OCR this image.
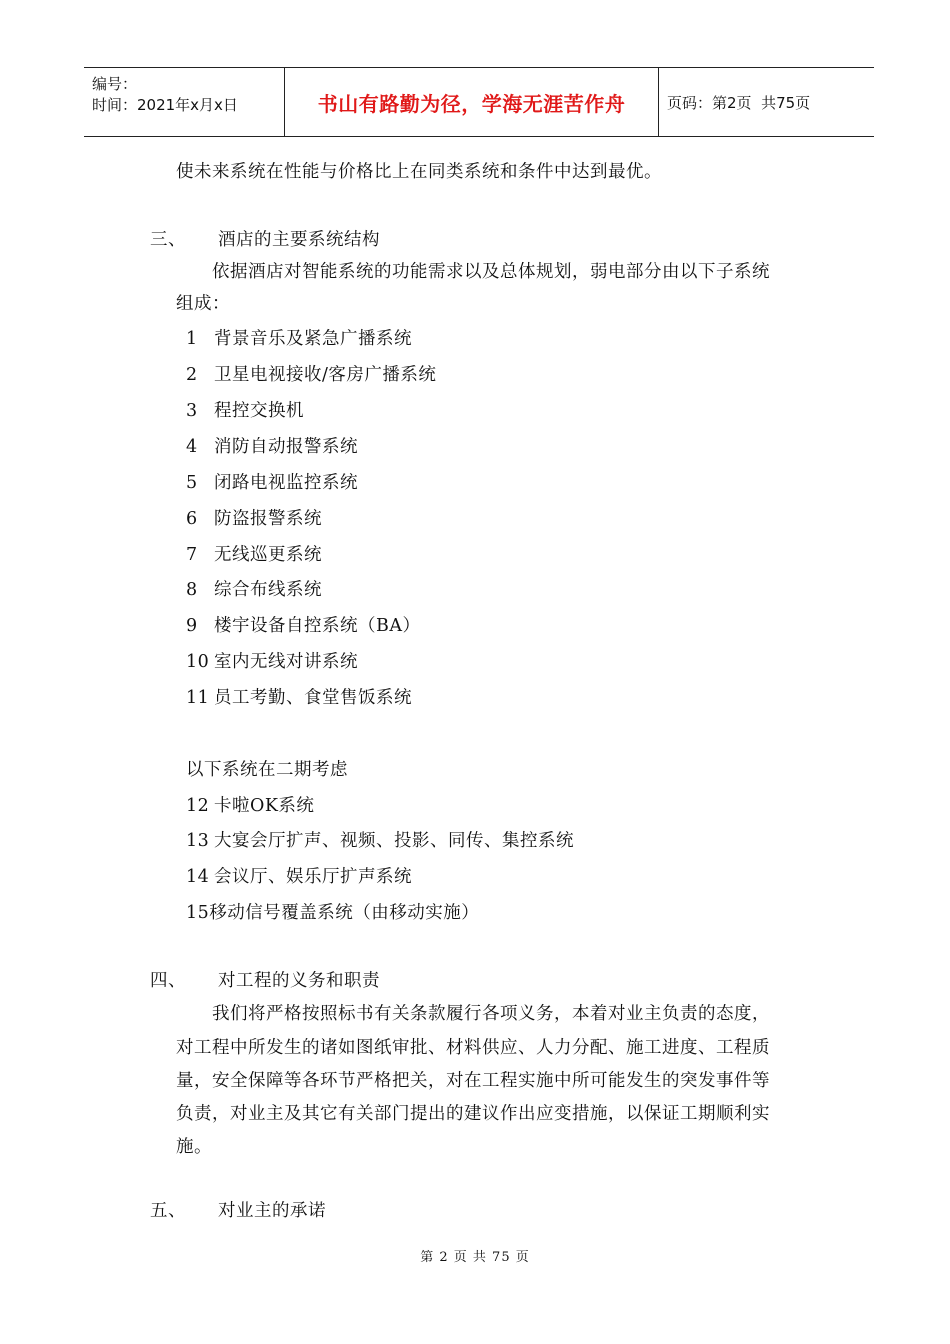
编号：
时间：2021年x月x日	书山有路勤为径，学海无涯苦作舟	页码：第2页  共75页
使未来系统在性能与价格比上在同类系统和条件中达到最优。
三、 酒店的主要系统结构
依据酒店对智能系统的功能需求以及总体规划，弱电部分由以下子系统
组成：
1 背景音乐及紧急广播系统
2 卫星电视接收/客房广播系统
3 程控交换机
4 消防自动报警系统
5 闭路电视监控系统
6 防盗报警系统
7 无线巡更系统
8 综合布线系统
9 楼宇设备自控系统（BA）
10 室内无线对讲系统
11 员工考勤、食堂售饭系统
以下系统在二期考虑
12 卡啦OK系统
13 大宴会厅扩声、视频、投影、同传、集控系统
14 会议厅、娱乐厅扩声系统
15移动信号覆盖系统（由移动实施）
四、 对工程的义务和职责
我们将严格按照标书有关条款履行各项义务，本着对业主负责的态度，
对工程中所发生的诸如图纸审批、材料供应、人力分配、施工进度、工程质
量，安全保障等各环节严格把关，对在工程实施中所可能发生的突发事件等
负责，对业主及其它有关部门提出的建议作出应变措施，以保证工期顺利实
施。
五、 对业主的承诺
第 2 页 共 75 页
